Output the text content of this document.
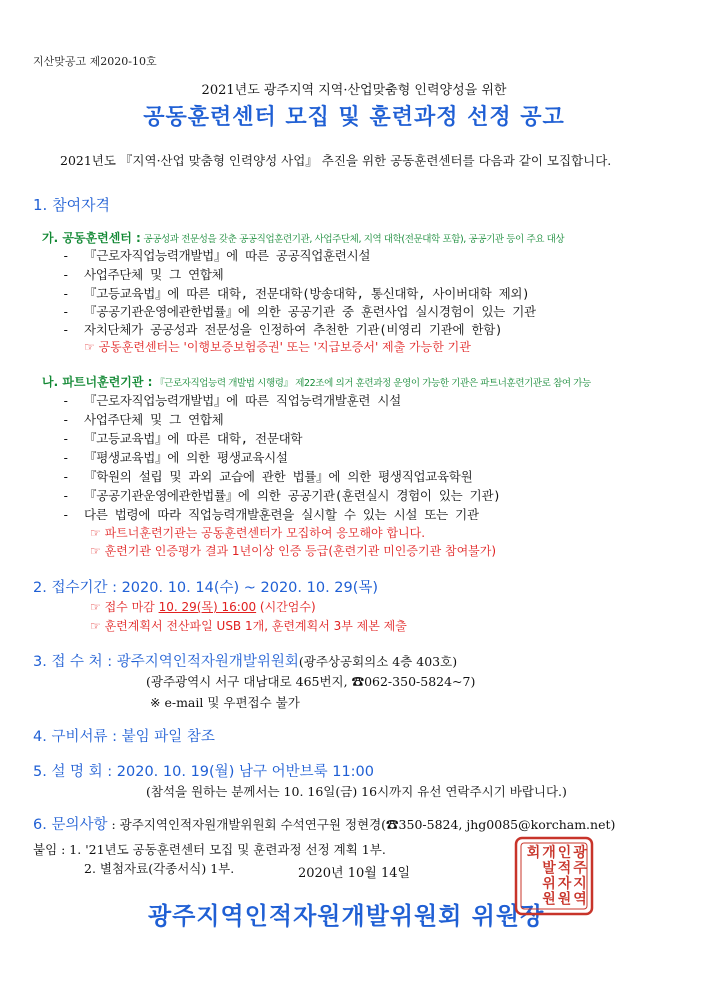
지산맞공고 제2020-10호
2021년도 광주지역 지역·산업맞춤형 인력양성을 위한
공동훈련센터 모집 및 훈련과정 선정 공고
2021년도 『지역·산업 맞춤형 인력양성 사업』 추진을 위한 공동훈련센터를 다음과 같이 모집합니다.
1. 참여자격
가. 공동훈련센터 : 공공성과 전문성을 갖춘 공공직업훈련기관, 사업주단체, 지역 대학(전문대학 포함), 공공기관 등이 주요 대상
- 『근로자직업능력개발법』에 따른 공공직업훈련시설
- 사업주단체 및 그 연합체
- 『고등교육법』에 따른 대학, 전문대학(방송대학, 통신대학, 사이버대학 제외)
- 『공공기관운영에관한법률』에 의한 공공기관 중 훈련사업 실시경험이 있는 기관
- 자치단체가 공공성과 전문성을 인정하여 추천한 기관(비영리 기관에 한함)
☞ 공동훈련센터는 '이행보증보험증권' 또는 '지급보증서' 제출 가능한 기관
나. 파트너훈련기관 : 『근로자직업능력 개발법 시행령』 제22조에 의거 훈련과정 운영이 가능한 기관은 파트너훈련기관로 참여 가능
- 『근로자직업능력개발법』에 따른 직업능력개발훈련 시설
- 사업주단체 및 그 연합체
- 『고등교육법』에 따른 대학, 전문대학
- 『평생교육법』에 의한 평생교육시설
- 『학원의 설립 및 과외 교습에 관한 법률』에 의한 평생직업교육학원
- 『공공기관운영에관한법률』에 의한 공공기관(훈련실시 경험이 있는 기관)
- 다른 법령에 따라 직업능력개발훈련을 실시할 수 있는 시설 또는 기관
☞ 파트너훈련기관는 공동훈련센터가 모집하여 응모해야 합니다.
☞ 훈련기관 인증평가 결과 1년이상 인증 등급(훈련기관 미인증기관 참여불가)
2. 접수기간 : 2020. 10. 14(수) ~ 2020. 10. 29(목)
☞ 접수 마감 10. 29(목) 16:00 (시간엄수)
☞ 훈련계획서 전산파일 USB 1개, 훈련계획서 3부 제본 제출
3. 접 수 처 : 광주지역인적자원개발위원회(광주상공회의소 4층 403호)
(광주광역시 서구 대남대로 465번지, ☎062-350-5824~7)
※ e-mail 및 우편접수 불가
4. 구비서류 : 붙임 파일 참조
5. 설 명 회 : 2020. 10. 19(월) 남구 어반브룩 11:00
(참석을 원하는 분께서는 10. 16일(금) 16시까지 유선 연락주시기 바랍니다.)
6. 문의사항 : 광주지역인적자원개발위원회 수석연구원 정현경(☎350-5824, jhg0085@korcham.net)
붙임 : 1. '21년도 공동훈련센터 모집 및 훈련과정 선정 계획 1부.
2. 별첨자료(각종서식) 1부.	2020년 10월 14일
광주지역인적자원개발위원회 위원장
광
주
지
역
인
적
자
원
개
발
위
원
회
